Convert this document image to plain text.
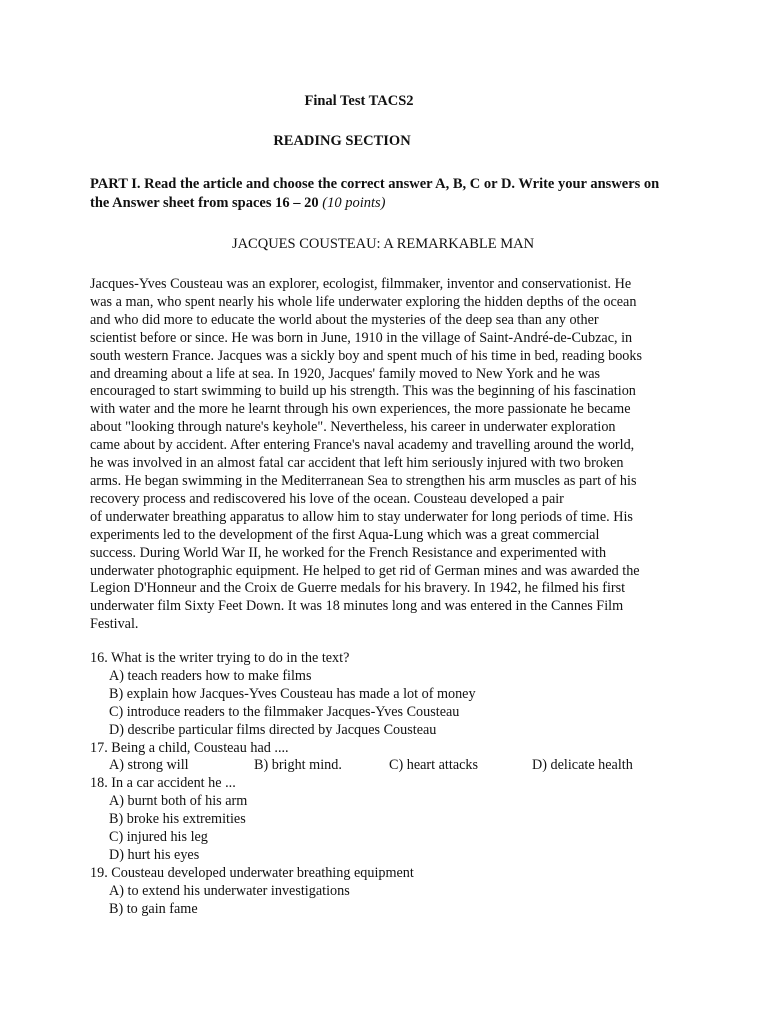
Final Test TACS2
READING SECTION
PART I. Read the article and choose the correct answer A, B, C or D. Write your answers on the Answer sheet from spaces 16 – 20 (10 points)
JACQUES COUSTEAU: A REMARKABLE MAN
Jacques-Yves Cousteau was an explorer, ecologist, filmmaker, inventor and conservationist. He
was a man, who spent nearly his whole life underwater exploring the hidden depths of the ocean
and who did more to educate the world about the mysteries of the deep sea than any other
scientist before or since. He was born in June, 1910 in the village of Saint-André-de-Cubzac, in
south western France. Jacques was a sickly boy and spent much of his time in bed, reading books
and dreaming about a life at sea. In 1920, Jacques' family moved to New York and he was
encouraged to start swimming to build up his strength. This was the beginning of his fascination
with water and the more he learnt through his own experiences, the more passionate he became
about "looking through nature's keyhole". Nevertheless, his career in underwater exploration
came about by accident. After entering France's naval academy and travelling around the world,
he was involved in an almost fatal car accident that left him seriously injured with two broken
arms. He began swimming in the Mediterranean Sea to strengthen his arm muscles as part of his
recovery process and rediscovered his love of the ocean. Cousteau developed a pair
of underwater breathing apparatus to allow him to stay underwater for long periods of time. His
experiments led to the development of the first Aqua-Lung which was a great commercial
success. During World War II, he worked for the French Resistance and experimented with
underwater photographic equipment. He helped to get rid of German mines and was awarded the
Legion D'Honneur and the Croix de Guerre medals for his bravery. In 1942, he filmed his first
underwater film Sixty Feet Down. It was 18 minutes long and was entered in the Cannes Film
Festival.
16. What is the writer trying to do in the text?
A) teach readers how to make films
B) explain how Jacques-Yves Cousteau has made a lot of money
C) introduce readers to the filmmaker Jacques-Yves Cousteau
D) describe particular films directed by Jacques Cousteau
17. Being a child, Cousteau had ....
A) strong will	B) bright mind.	C) heart attacks	D) delicate health
18. In a car accident he ...
A) burnt both of his arm
B) broke his extremities
C) injured his leg
D) hurt his eyes
19. Cousteau developed underwater breathing equipment
A) to extend his underwater investigations
B) to gain fame
